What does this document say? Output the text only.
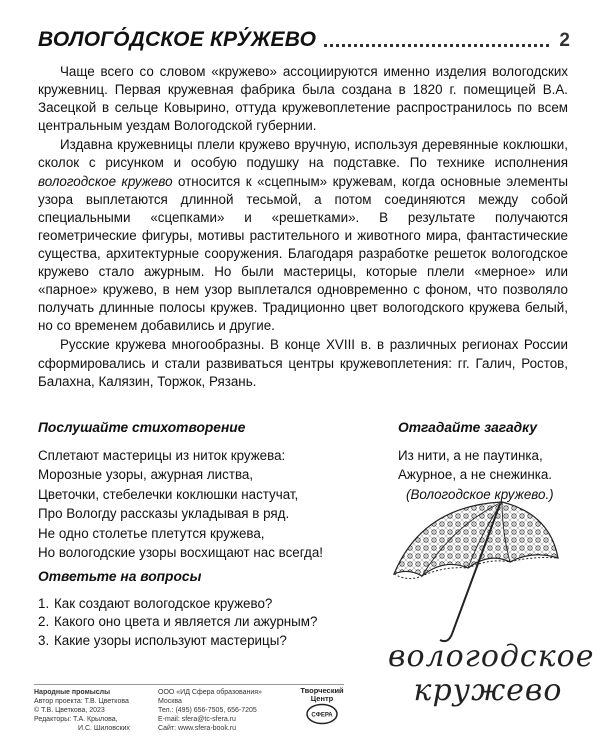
ВОЛОГО́ДСКОЕ КРУ́ЖЕВО	2

Чаще всего со словом «кружево» ассоциируются именно изделия вологодских кружевниц. Первая кружевная фабрика была создана в 1820 г. помещицей В.А. Засецкой в сельце Ковырино, оттуда кружевоплетение распространилось по всем центральным уездам Вологодской губернии.

Издавна кружевницы плели кружево вручную, используя деревянные коклюшки, сколок с рисунком и особую подушку на подставке. По технике исполнения вологодское кружево относится к «сцепным» кружевам, когда основные элементы узора выплетаются длинной тесьмой, а потом соединяются между собой специальными «сцепками» и «решетками». В результате получаются геометрические фигуры, мотивы растительного и животного мира, фантастические существа, архитектурные сооружения. Благодаря разработке решеток вологодское кружево стало ажурным. Но были мастерицы, которые плели «мерное» или «парное» кружево, в нем узор выплетался одновременно с фоном, что позволяло получать длинные полосы кружев. Традиционно цвет вологодского кружева белый, но со временем добавились и другие.

Русские кружева многообразны. В конце XVIII в. в различных регионах России сформировались и стали развиваться центры кружевоплетения: гг. Галич, Ростов, Балахна, Калязин, Торжок, Рязань.

Послушайте стихотворение
Сплетают мастерицы из ниток кружева:
Морозные узоры, ажурная листва,
Цветочки, стебелечки коклюшки настучат,
Про Вологду рассказы укладывая в ряд.
Не одно столетье плетутся кружева,
Но вологодские узоры восхищают нас всегда!
Отгадайте загадку
Из нити, а не паутинка,
Ажурное, а не снежинка.
(Вологодское кружево.)
Ответьте на вопросы
1. Как создают вологодское кружево?
2. Какого оно цвета и является ли ажурным?
3. Какие узоры используют мастерицы?	вологодское
кружево
Народные промыслы
Автор проекта: Т.В. Цветкова
© Т.В. Цветкова, 2023
Редакторы: Т.А. Крылова,
И.С. Шиловских
ООО «ИД Сфера образования»
Москва
Тел.: (495) 656-7505, 656-7205
E-mail: sfera@tc-sfera.ru
Сайт: www.sfera-book.ru
Творческий
Центр
СФЕРА
